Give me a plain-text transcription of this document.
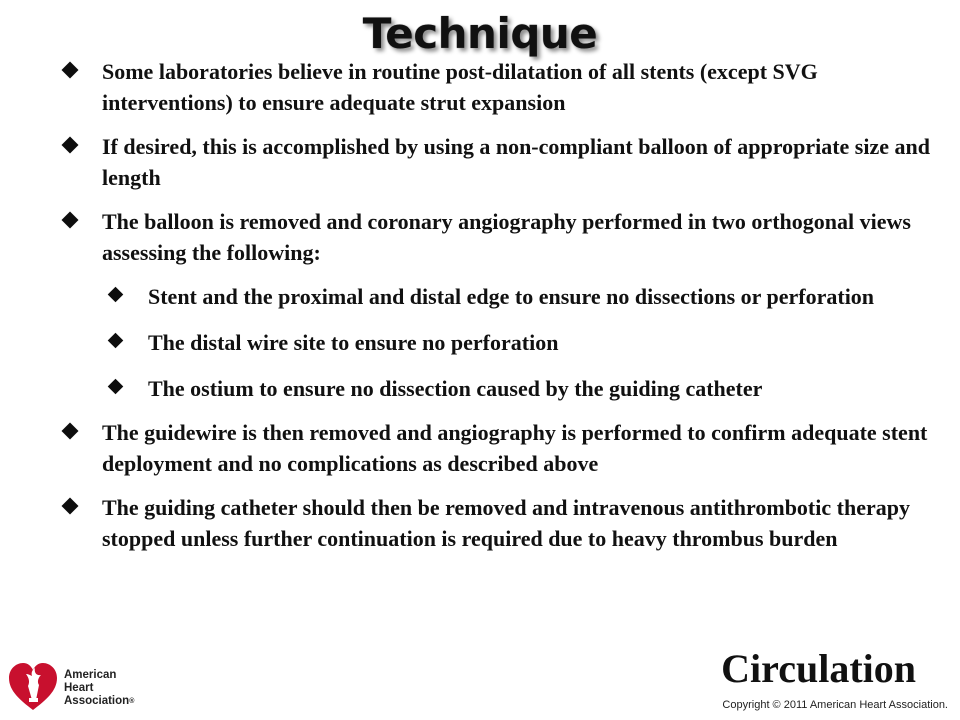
Technique
Some laboratories believe in routine post-dilatation of all stents (except SVG interventions) to ensure adequate strut expansion
If desired, this is accomplished by using a non-compliant balloon of appropriate size and length
The balloon is removed and coronary angiography performed in two orthogonal views assessing the following:
Stent and the proximal and distal edge to ensure no dissections or perforation
The distal wire site to ensure no perforation
The ostium to ensure no dissection caused by the guiding catheter
The guidewire is then removed and angiography is performed to confirm adequate stent deployment and no complications as described above
The guiding catheter should then be removed and intravenous antithrombotic therapy stopped unless further continuation is required due to heavy thrombus burden
American
Heart
Association®
Circulation
Copyright © 2011 American Heart Association.
